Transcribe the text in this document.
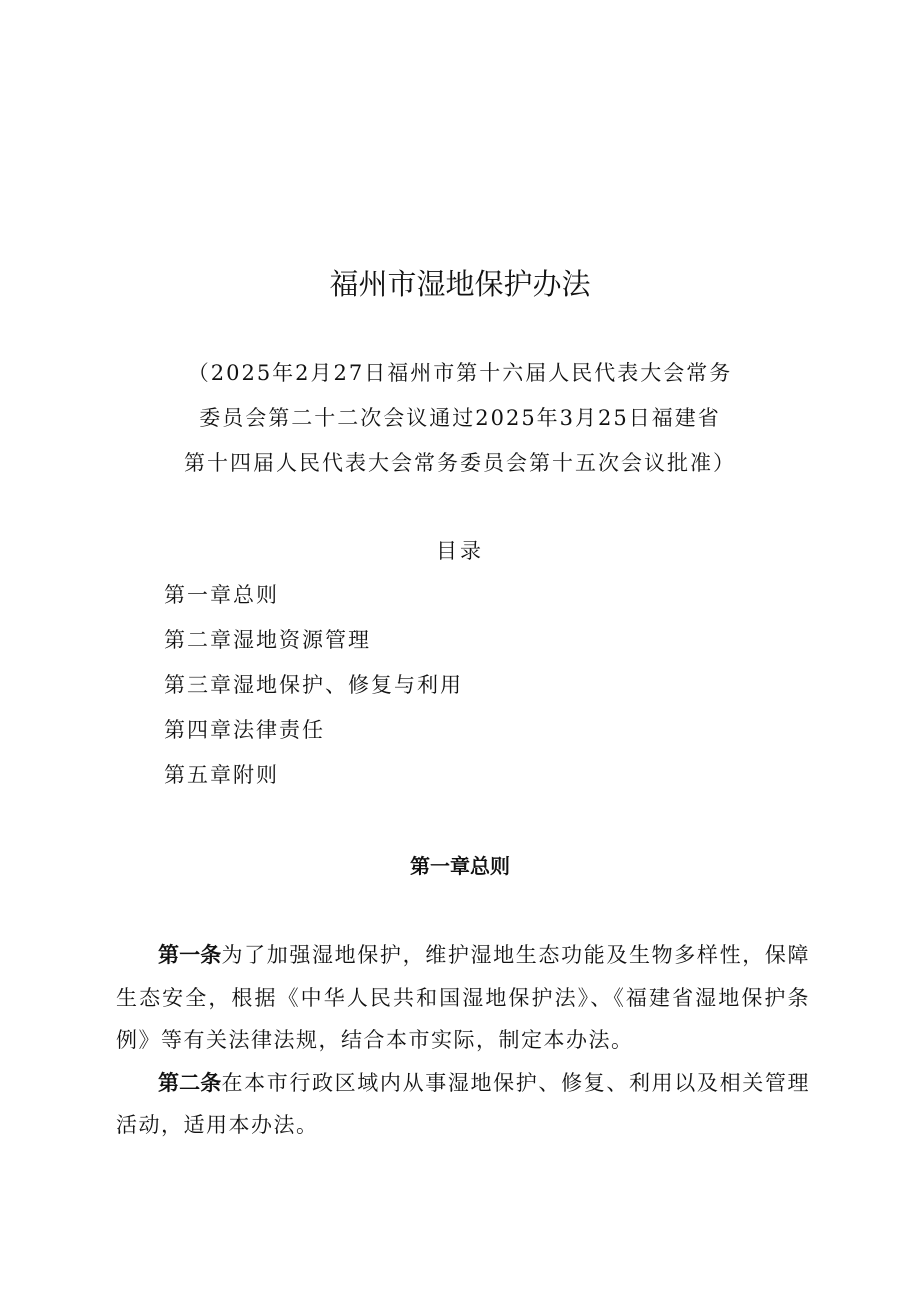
福州市湿地保护办法
（2025年2月27日福州市第十六届人民代表大会常务
委员会第二十二次会议通过2025年3月25日福建省
第十四届人民代表大会常务委员会第十五次会议批准）
目录
第一章总则
第二章湿地资源管理
第三章湿地保护、修复与利用
第四章法律责任
第五章附则
第一章总则

第一条为了加强湿地保护，维护湿地生态功能及生物多样性，保障生态安全，根据《中华人民共和国湿地保护法》、《福建省湿地保护条例》等有关法律法规，结合本市实际，制定本办法。

第二条在本市行政区域内从事湿地保护、修复、利用以及相关管理活动，适用本办法。
